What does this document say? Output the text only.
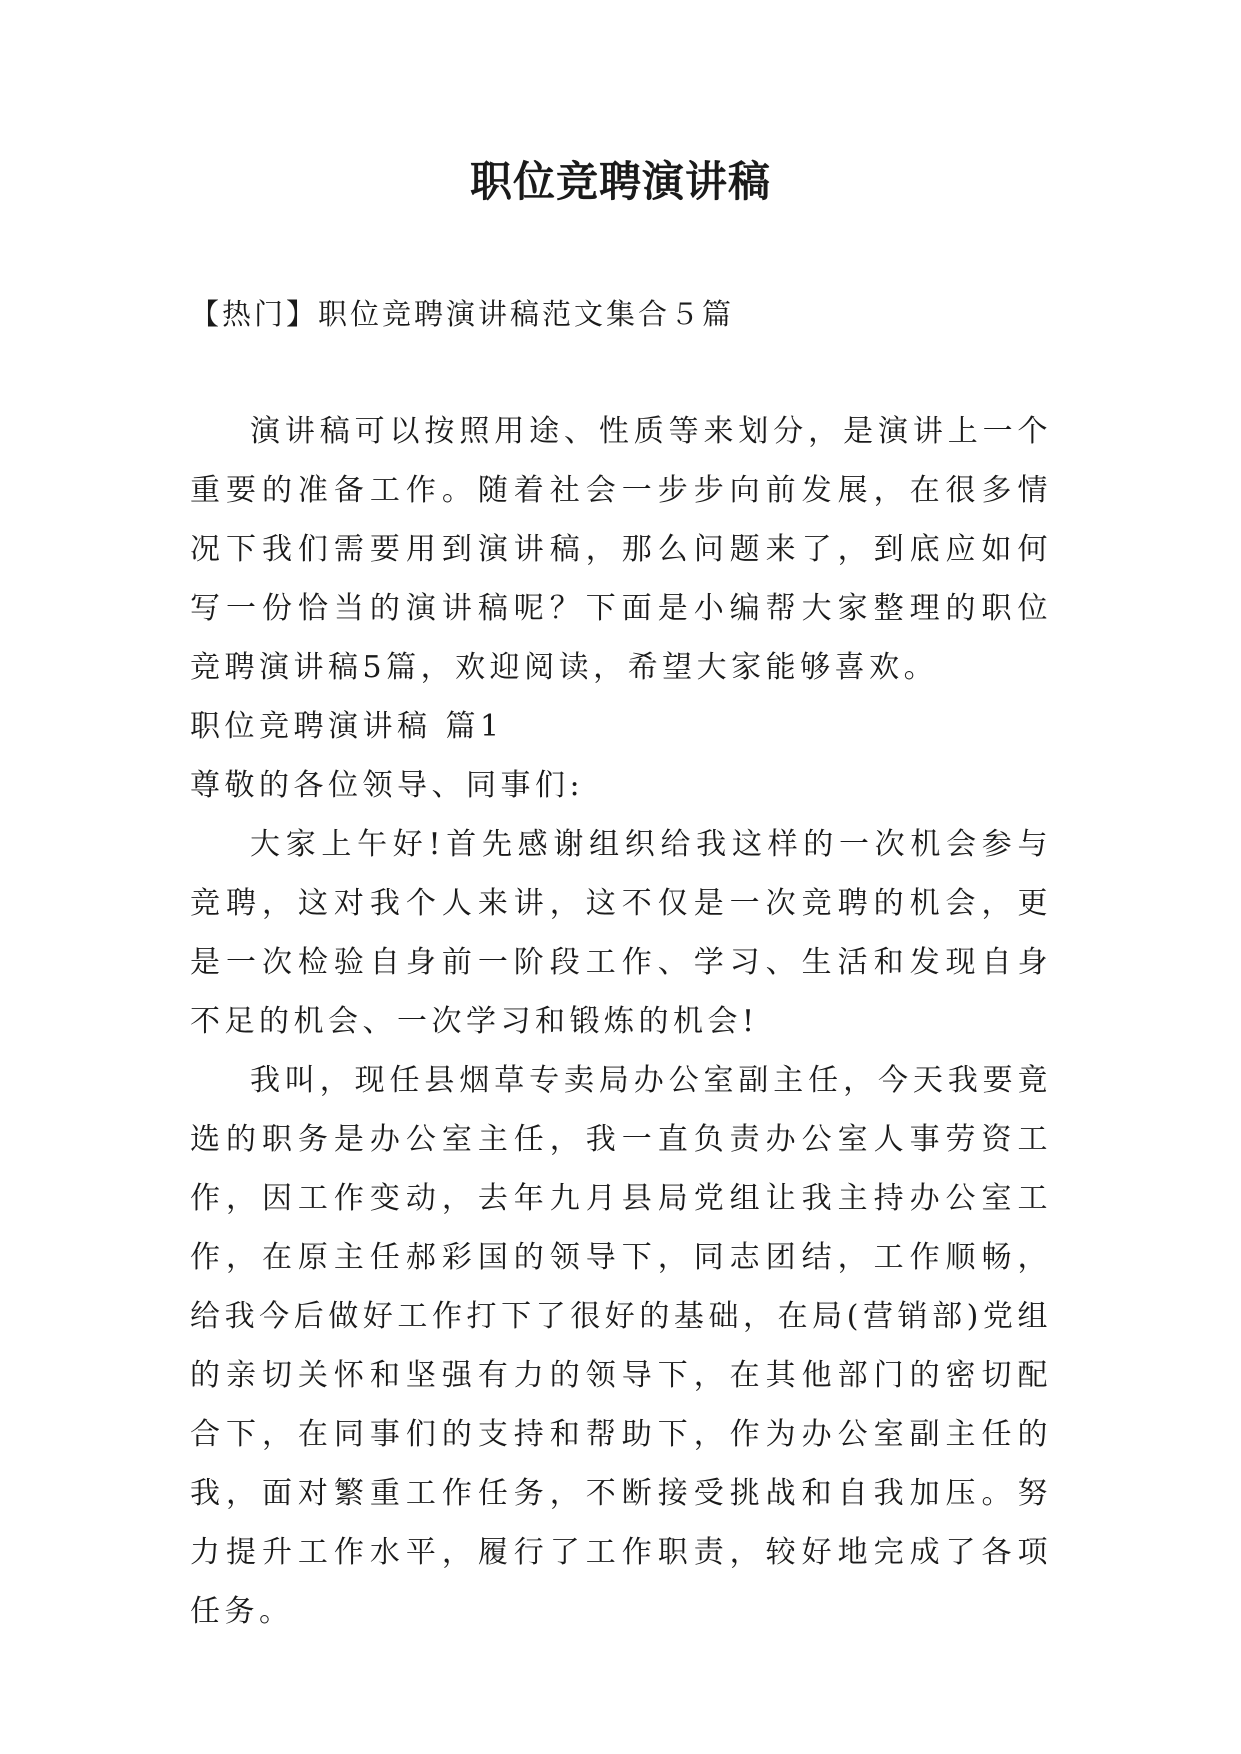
职位竞聘演讲稿
【热门】职位竞聘演讲稿范文集合５篇

演讲稿可以按照用途、性质等来划分，是演讲上一个重要的准备工作。随着社会一步步向前发展，在很多情况下我们需要用到演讲稿，那么问题来了，到底应如何写一份恰当的演讲稿呢？下面是小编帮大家整理的职位竞聘演讲稿5篇，欢迎阅读，希望大家能够喜欢。

职位竞聘演讲稿 篇1

尊敬的各位领导、同事们:

大家上午好!首先感谢组织给我这样的一次机会参与竞聘，这对我个人来讲，这不仅是一次竞聘的机会，更是一次检验自身前一阶段工作、学习、生活和发现自身不足的机会、一次学习和锻炼的机会!

我叫，现任县烟草专卖局办公室副主任，今天我要竟选的职务是办公室主任，我一直负责办公室人事劳资工作，因工作变动，去年九月县局党组让我主持办公室工作，在原主任郝彩国的领导下，同志团结，工作顺畅，给我今后做好工作打下了很好的基础，在局(营销部)党组的亲切关怀和坚强有力的领导下，在其他部门的密切配合下，在同事们的支持和帮助下，作为办公室副主任的我，面对繁重工作任务，不断接受挑战和自我加压。努力提升工作水平，履行了工作职责，较好地完成了各项任务。
